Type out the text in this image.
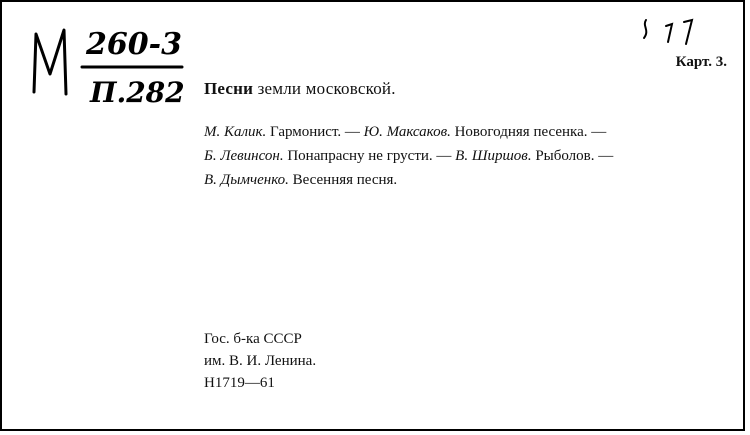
260-3
П.282
Карт. 3.
Песни земли московской.
М. Калик. Гармонист. — Ю. Максаков. Новогодняя песенка. —
Б. Левинсон. Понапрасну не грусти. — В. Ширшов. Рыболов. —
В. Дымченко. Весенняя песня.
Гос. б-ка СССР
им. В. И. Ленина.
Н1719—61
